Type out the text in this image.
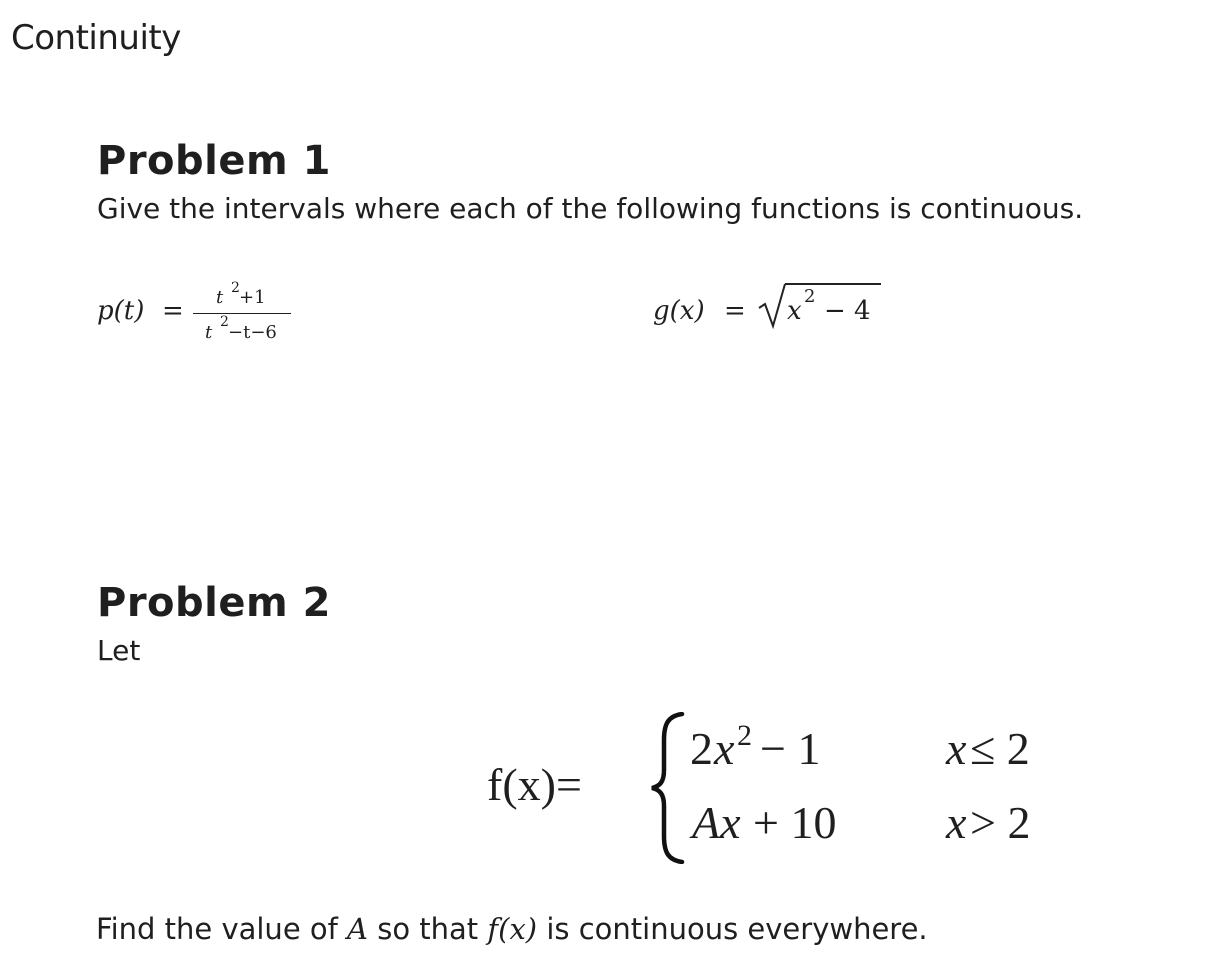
Continuity
Problem 1
Give the intervals where each of the following functions is continuous.
p(t) = t 2 +1
t 2 −t−6
g(x) = x 2 − 4
Problem 2
Let
f(x)=
2 x 2 − 1	x ≤ 2
Ax + 10 x > 2
Find the value of A so that f(x) is continuous everywhere.
